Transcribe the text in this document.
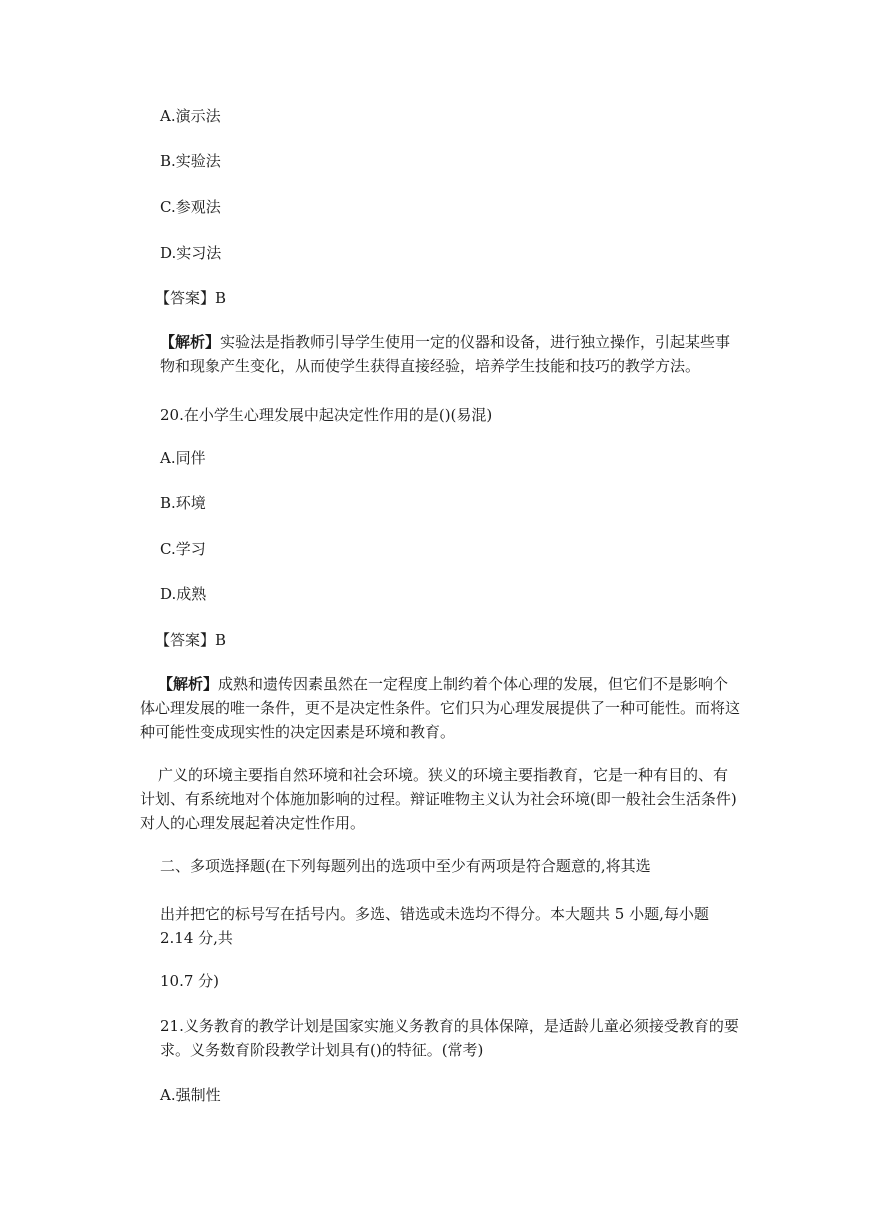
A.演示法
B.实验法
C.参观法
D.实习法
【答案】B
【解析】实验法是指教师引导学生使用一定的仪器和设备，进行独立操作，引起某些事物和现象产生变化，从而使学生获得直接经验，培养学生技能和技巧的教学方法。
20.在小学生心理发展中起决定性作用的是()(易混)
A.同伴
B.环境
C.学习
D.成熟
【答案】B
【解析】成熟和遗传因素虽然在一定程度上制约着个体心理的发展，但它们不是影响个体心理发展的唯一条件，更不是决定性条件。它们只为心理发展提供了一种可能性。而将这种可能性变成现实性的决定因素是环境和教育。
广义的环境主要指自然环境和社会环境。狭义的环境主要指教育，它是一种有目的、有计划、有系统地对个体施加影响的过程。辩证唯物主义认为社会环境(即一般社会生活条件)对人的心理发展起着决定性作用。
二、多项选择题(在下列每题列出的选项中至少有两项是符合题意的,将其选
出并把它的标号写在括号内。多选、错选或未选均不得分。本大题共 5 小题,每小题 2.14 分,共
10.7 分)
21.义务教育的教学计划是国家实施义务教育的具体保障，是适龄儿童必须接受教育的要求。义务数育阶段教学计划具有()的特征。(常考)
A.强制性
